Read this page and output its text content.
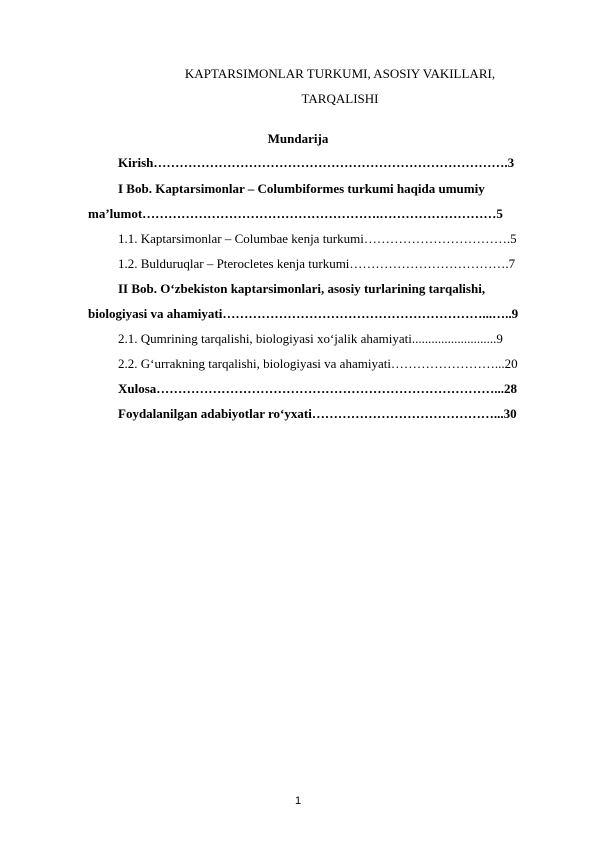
KAPTARSIMONLAR TURKUMI, ASOSIY VAKILLARI,
TARQALISHI
Mundarija
Kirish……………………………………………………………………….3
I Bob. Kaptarsimonlar – Columbiformes turkumi haqida umumiy
ma’lumot……………………………………………….………………………5
1.1. Kaptarsimonlar – Columbae kenja turkumi…………………………….5
1.2. Bulduruqlar – Pterocletes kenja turkumi……………………………….7
II Bob. O‘zbekiston kaptarsimonlari, asosiy turlarining tarqalishi,
biologiyasi va ahamiyati……………………………………………………...…..9
2.1. Qumrining tarqalishi, biologiyasi xo‘jalik ahamiyati..........................9
2.2. G‘urrakning tarqalishi, biologiyasi va ahamiyati……………………...20
Xulosa……………………………………………………………………...28
Foydalanilgan adabiyotlar ro‘yxati……………………………………...30
1
